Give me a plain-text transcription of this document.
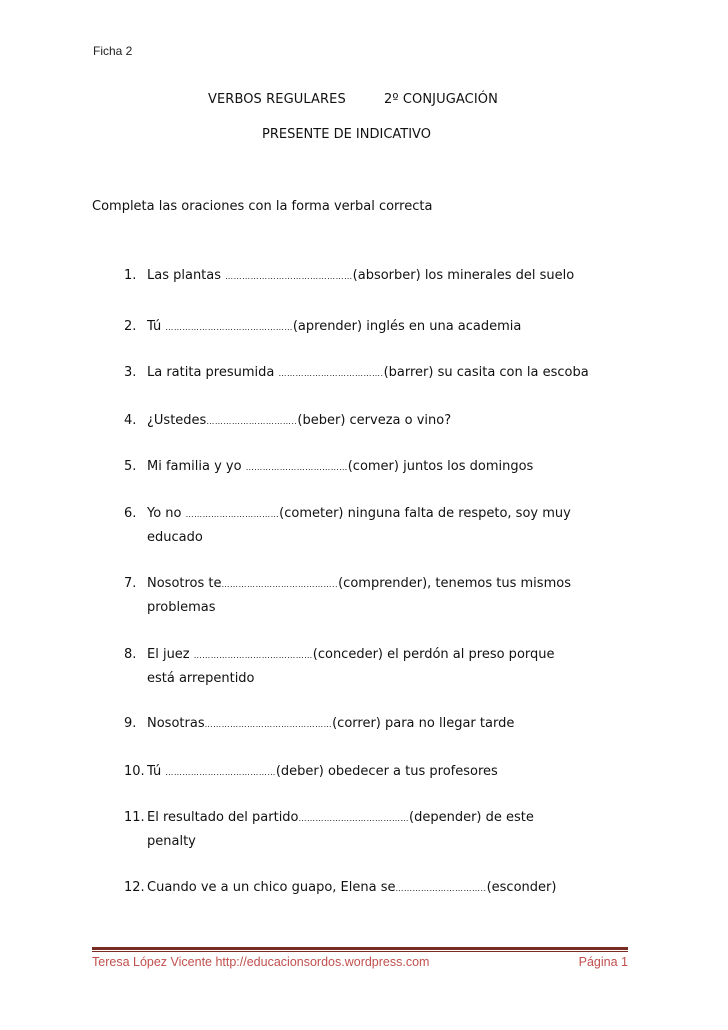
Ficha 2
VERBOS REGULARES	2º CONJUGACIÓN
PRESENTE DE INDICATIVO
Completa las oraciones con la forma verbal correcta
1. Las plantas ………………………………………(absorber) los minerales del suelo
2. Tú ………………………………………(aprender) inglés en una academia
3. La ratita presumida ……………………………….(barrer) su casita con la escoba
4. ¿Ustedes…………………………..(beber) cerveza o vino?
5. Mi familia y yo ………………………………(comer) juntos los domingos
6. Yo no ……………………………(cometer) ninguna falta de respeto, soy muy
educado
7. Nosotros te…………………………………..(comprender), tenemos tus mismos
problemas
8. El juez ……………………………………(conceder) el perdón al preso porque
está arrepentido
9. Nosotras………………………………………(correr) para no llegar tarde
10. Tú …………………………………(deber) obedecer a tus profesores
11. El resultado del partido…………………………………(depender) de este
penalty
12. Cuando ve a un chico guapo, Elena se…………………………..(esconder)
Teresa López Vicente http://educacionsordos.wordpress.com	Página 1
